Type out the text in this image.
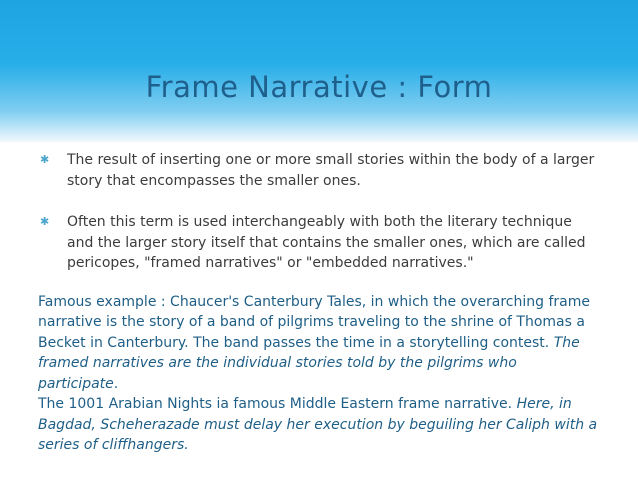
Frame Narrative : Form
✱ The result of inserting one or more small stories within the body of a larger story that encompasses the smaller ones.
✱ Often this term is used interchangeably with both the literary technique and the larger story itself that contains the smaller ones, which are called pericopes, "framed narratives" or "embedded narratives."

Famous example : Chaucer's Canterbury Tales, in which the overarching frame narrative is the story of a band of pilgrims traveling to the shrine of Thomas a Becket in Canterbury. The band passes the time in a storytelling contest. The framed narratives are the individual stories told by the pilgrims who participate.

The 1001 Arabian Nights ia famous Middle Eastern frame narrative. Here, in Bagdad, Scheherazade must delay her execution by beguiling her Caliph with a series of cliffhangers.
